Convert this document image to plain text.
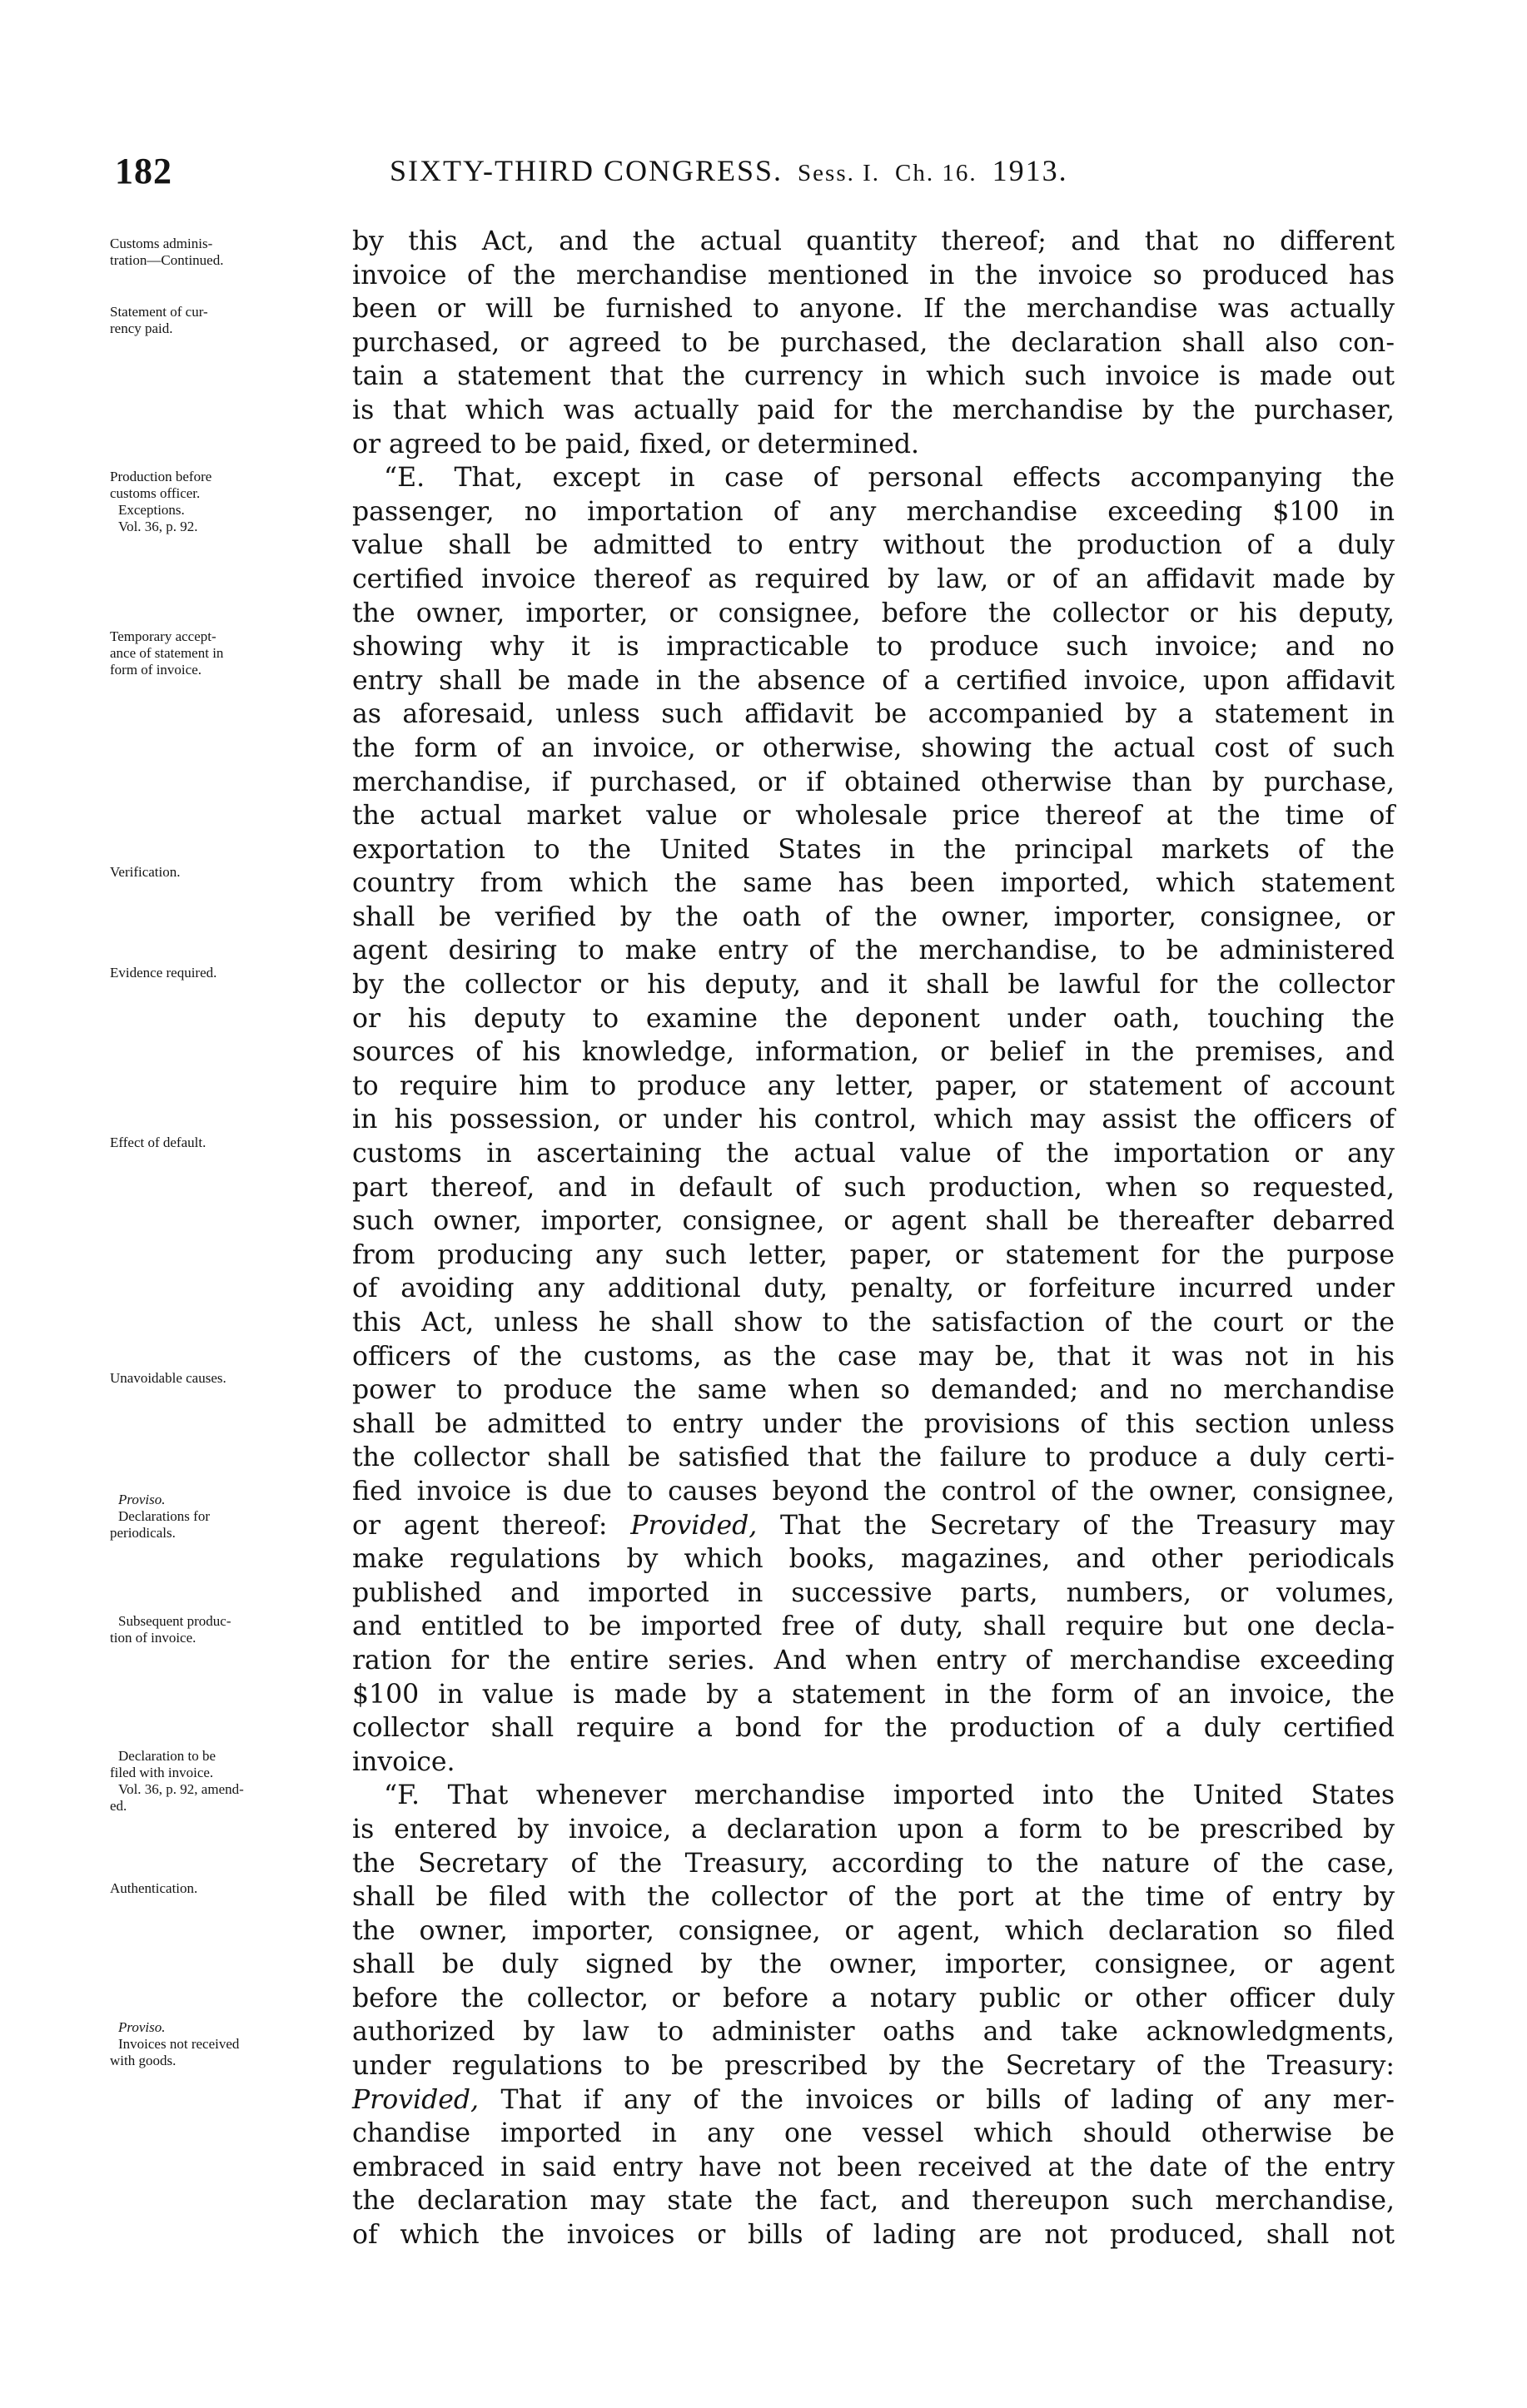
182	SIXTY-THIRD CONGRESS. Sess. I. Ch. 16. 1913.
Customs adminis-
tration—Continued.
Statement of cur-
rency paid.
Production before
customs officer.
Exceptions.
Vol. 36, p. 92.
Temporary accept-
ance of statement in
form of invoice.
Verification.
Evidence required.
Effect of default.
Unavoidable causes.
Proviso.
Declarations for
periodicals.
Subsequent produc-
tion of invoice.
Declaration to be
filed with invoice.
Vol. 36, p. 92, amend-
ed.
Authentication.
Proviso.
Invoices not received
with goods.
by this Act, and the actual quantity thereof; and that no different
invoice of the merchandise mentioned in the invoice so produced has
been or will be furnished to anyone. If the merchandise was actually
purchased, or agreed to be purchased, the declaration shall also con-
tain a statement that the currency in which such invoice is made out
is that which was actually paid for the merchandise by the purchaser,
or agreed to be paid, fixed, or determined.
“E. That, except in case of personal effects accompanying the
passenger, no importation of any merchandise exceeding $100 in
value shall be admitted to entry without the production of a duly
certified invoice thereof as required by law, or of an affidavit made by
the owner, importer, or consignee, before the collector or his deputy,
showing why it is impracticable to produce such invoice; and no
entry shall be made in the absence of a certified invoice, upon affidavit
as aforesaid, unless such affidavit be accompanied by a statement in
the form of an invoice, or otherwise, showing the actual cost of such
merchandise, if purchased, or if obtained otherwise than by purchase,
the actual market value or wholesale price thereof at the time of
exportation to the United States in the principal markets of the
country from which the same has been imported, which statement
shall be verified by the oath of the owner, importer, consignee, or
agent desiring to make entry of the merchandise, to be administered
by the collector or his deputy, and it shall be lawful for the collector
or his deputy to examine the deponent under oath, touching the
sources of his knowledge, information, or belief in the premises, and
to require him to produce any letter, paper, or statement of account
in his possession, or under his control, which may assist the officers of
customs in ascertaining the actual value of the importation or any
part thereof, and in default of such production, when so requested,
such owner, importer, consignee, or agent shall be thereafter debarred
from producing any such letter, paper, or statement for the purpose
of avoiding any additional duty, penalty, or forfeiture incurred under
this Act, unless he shall show to the satisfaction of the court or the
officers of the customs, as the case may be, that it was not in his
power to produce the same when so demanded; and no merchandise
shall be admitted to entry under the provisions of this section unless
the collector shall be satisfied that the failure to produce a duly certi-
fied invoice is due to causes beyond the control of the owner, consignee,
or agent thereof: Provided, That the Secretary of the Treasury may
make regulations by which books, magazines, and other periodicals
published and imported in successive parts, numbers, or volumes,
and entitled to be imported free of duty, shall require but one decla-
ration for the entire series. And when entry of merchandise exceeding
$100 in value is made by a statement in the form of an invoice, the
collector shall require a bond for the production of a duly certified
invoice.
“F. That whenever merchandise imported into the United States
is entered by invoice, a declaration upon a form to be prescribed by
the Secretary of the Treasury, according to the nature of the case,
shall be filed with the collector of the port at the time of entry by
the owner, importer, consignee, or agent, which declaration so filed
shall be duly signed by the owner, importer, consignee, or agent
before the collector, or before a notary public or other officer duly
authorized by law to administer oaths and take acknowledgments,
under regulations to be prescribed by the Secretary of the Treasury:
Provided, That if any of the invoices or bills of lading of any mer-
chandise imported in any one vessel which should otherwise be
embraced in said entry have not been received at the date of the entry
the declaration may state the fact, and thereupon such merchandise,
of which the invoices or bills of lading are not produced, shall not
